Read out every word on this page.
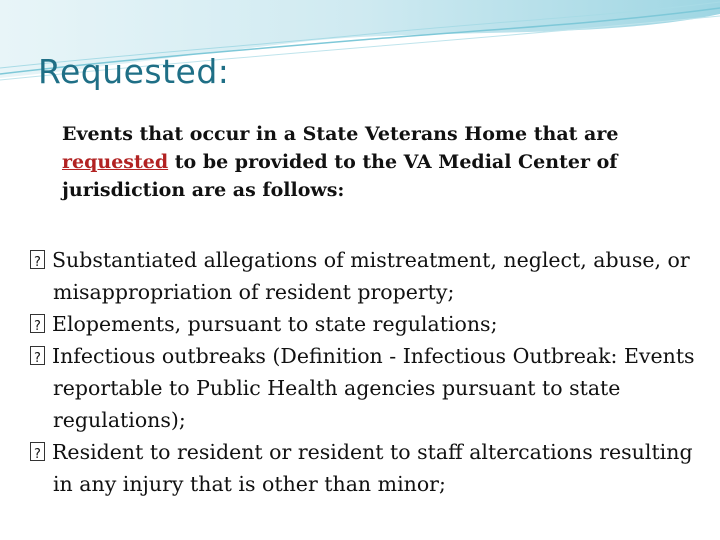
Requested:
Events that occur in a State Veterans Home that are requested to be provided to the VA Medial Center of jurisdiction are as follows:
?Substantiated allegations of mistreatment, neglect, abuse, or misappropriation of resident property;
?Elopements, pursuant to state regulations;
?Infectious outbreaks (Definition - Infectious Outbreak: Events reportable to Public Health agencies pursuant to state regulations);
?Resident to resident or resident to staff altercations resulting in any injury that is other than minor;
